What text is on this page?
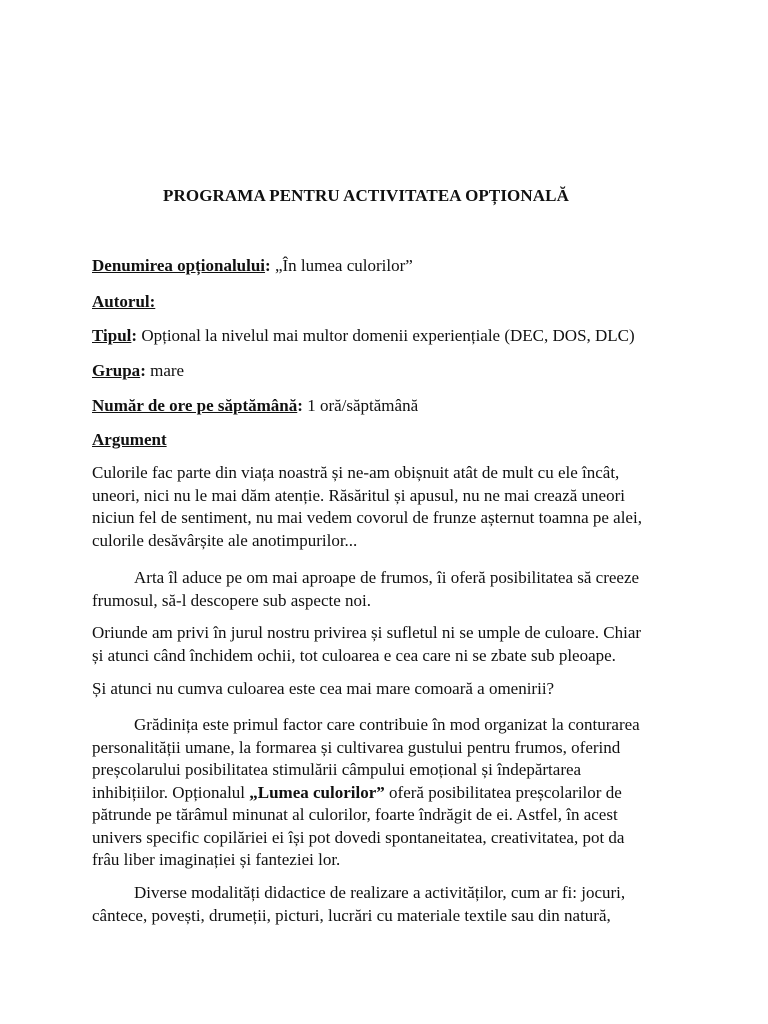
PROGRAMA PENTRU ACTIVITATEA OPȚIONALĂ
Denumirea opționalului: „În lumea culorilor”
Autorul:
Tipul: Opțional la nivelul mai multor domenii experiențiale (DEC, DOS, DLC)
Grupa: mare
Număr de ore pe săptămână: 1 oră/săptămână
Argument
Culorile fac parte din viața noastră și ne-am obișnuit atât de mult cu ele încât,
uneori, nici nu le mai dăm atenție. Răsăritul și apusul, nu ne mai crează uneori
niciun fel de sentiment, nu mai vedem covorul de frunze așternut toamna pe alei,
culorile desăvârșite ale anotimpurilor...
Arta îl aduce pe om mai aproape de frumos, îi oferă posibilitatea să creeze
frumosul, să-l descopere sub aspecte noi.
Oriunde am privi în jurul nostru privirea și sufletul ni se umple de culoare. Chiar
și atunci când închidem ochii, tot culoarea e cea care ni se zbate sub pleoape.
Și atunci nu cumva culoarea este cea mai mare comoară a omenirii?
Grădinița este primul factor care contribuie în mod organizat la conturarea
personalității umane, la formarea și cultivarea gustului pentru frumos, oferind
preșcolarului posibilitatea stimulării câmpului emoțional și îndepărtarea
inhibițiilor. Opționalul „Lumea culorilor” oferă posibilitatea preșcolarilor de
pătrunde pe tărâmul minunat al culorilor, foarte îndrăgit de ei. Astfel, în acest
univers specific copilăriei ei își pot dovedi spontaneitatea, creativitatea, pot da
frâu liber imaginației și fanteziei lor.
Diverse modalități didactice de realizare a activităților, cum ar fi: jocuri,
cântece, povești, drumeții, picturi, lucrări cu materiale textile sau din natură,
